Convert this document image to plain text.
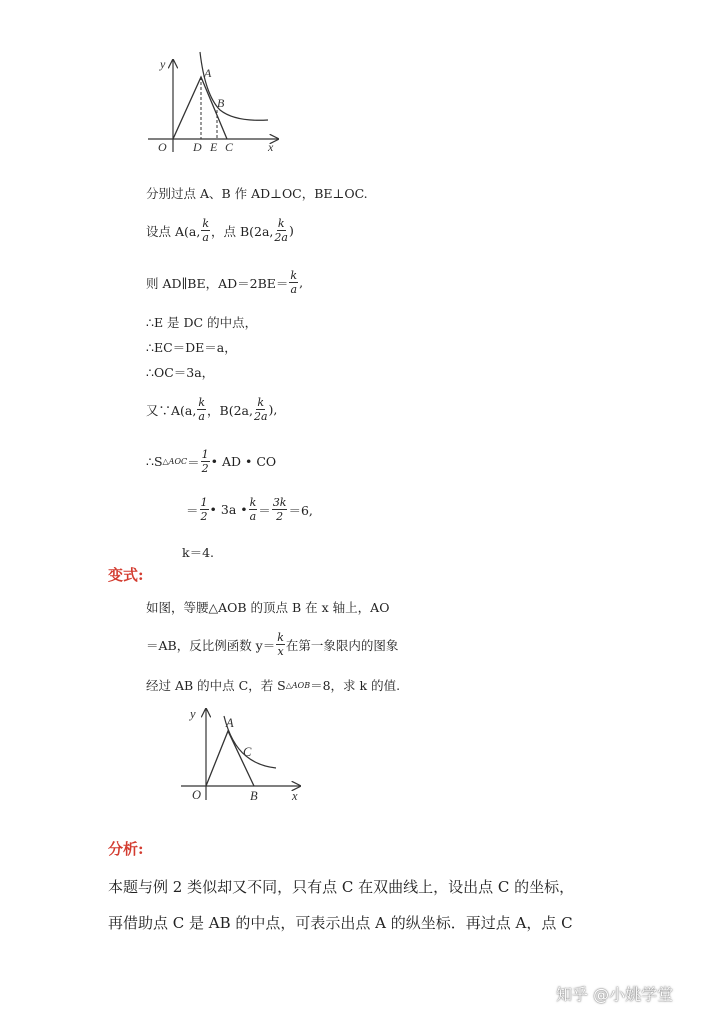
y
x
O
A
B
D E C
分别过点 A、B 作 AD⊥OC，BE⊥OC.
设点 A(a, $\frac{k}{a}$ ，点 B(2a, $\frac{k}{2a}$ )
则 AD∥BE，$AD=2BE= \frac{k}{a}$ ,
∴E 是 DC 的中点，
∴EC＝DE＝a，
∴OC＝3a，
又∵A(a, $\frac{k}{a}$ ，B(2a, $\frac{k}{2a}$ ),
∴S △AOC ＝ $\frac{1}{2}$ • AD • CO
＝ $\frac{1}{2}$ • 3a • $\frac{k}{a} = \frac{3k}{2} =6$,
k＝4.
变式:
如图，等腰△AOB 的顶点 B 在 x 轴上，AO
＝AB，反比例函数 $y= \frac{k}{x}$ 在第一象限内的图象
经过 AB 的中点 C，若 S △AOB ＝8，求 k 的值.
y
x
O
A
C
B
分析:
本题与例 2 类似却又不同，只有点 C 在双曲线上，设出点 C 的坐标，
再借助点 C 是 AB 的中点，可表示出点 A 的纵坐标．再过点 A，点 C
知乎 @小姚学堂
